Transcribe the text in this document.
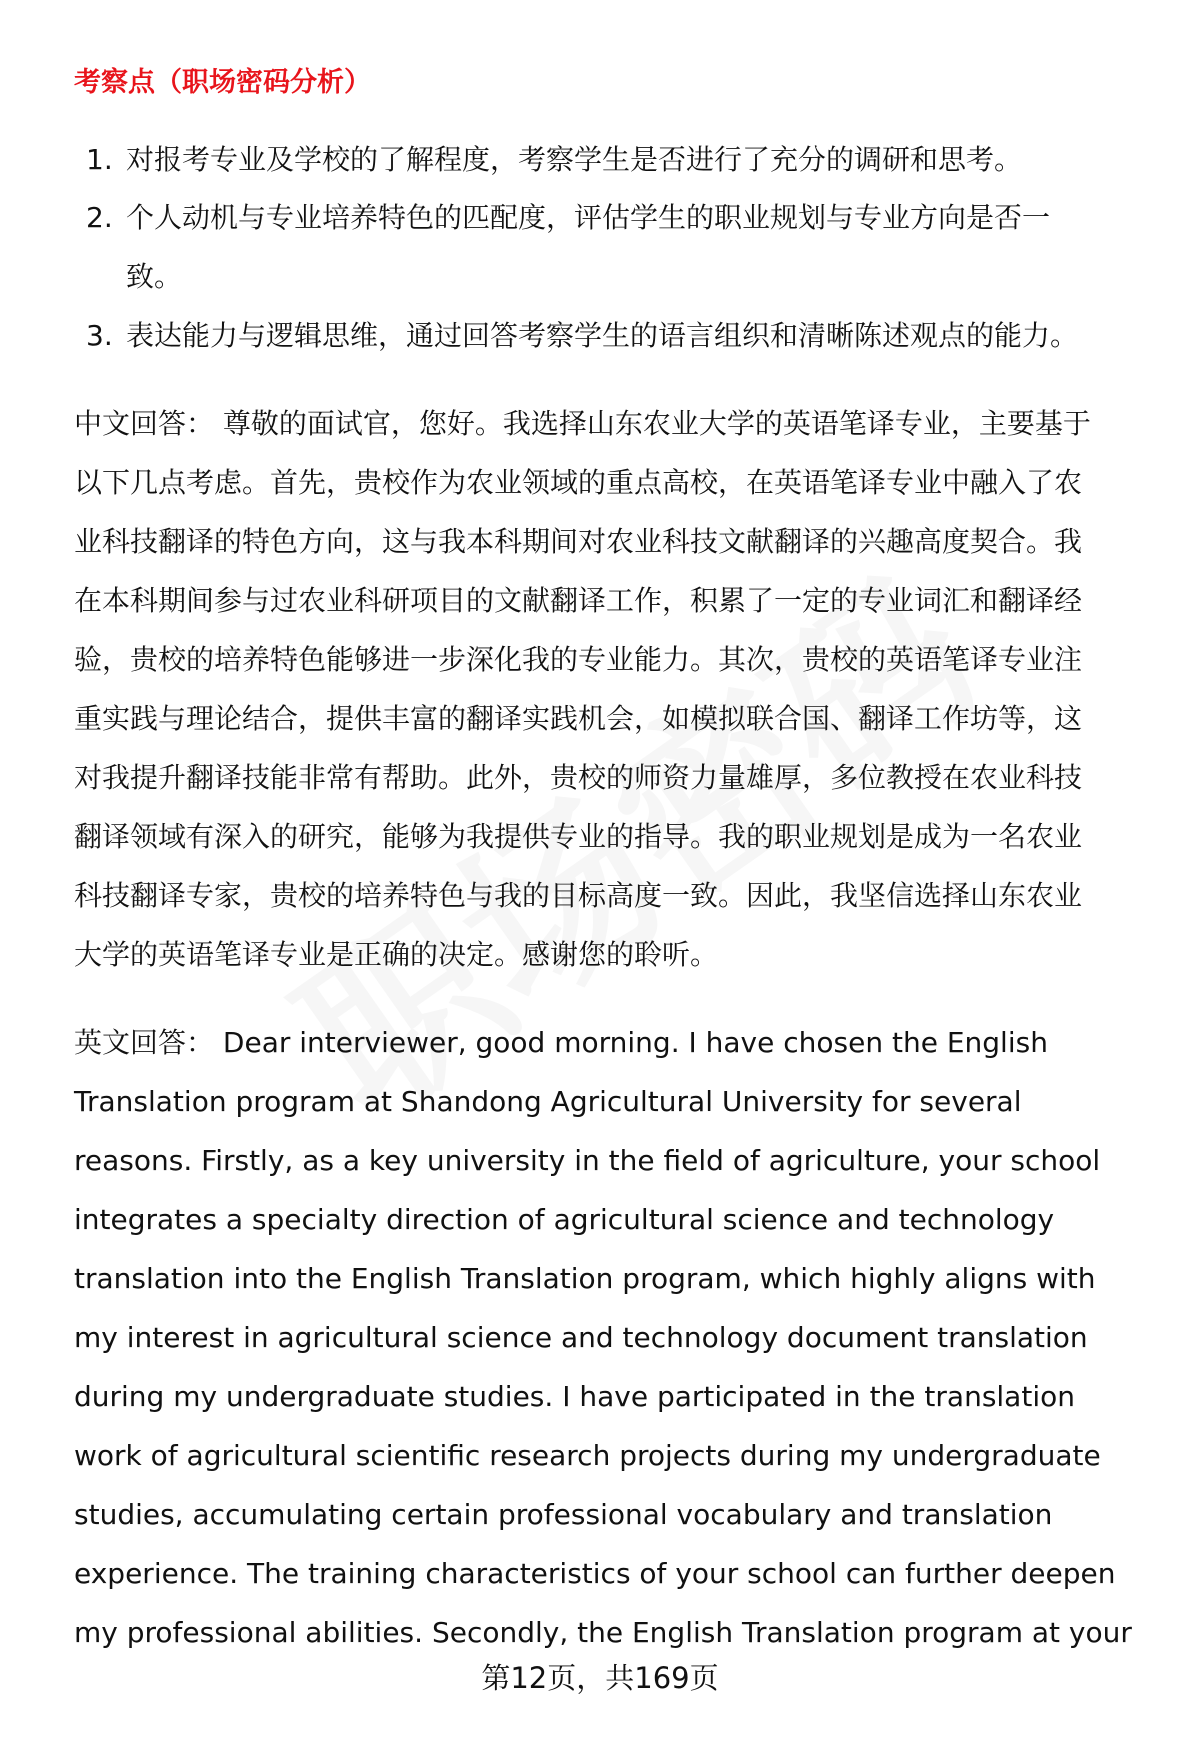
考察点（职场密码分析）
1. 对报考专业及学校的了解程度，考察学生是否进行了充分的调研和思考。
2. 个人动机与专业培养特色的匹配度，评估学生的职业规划与专业方向是否一
致。
3. 表达能力与逻辑思维，通过回答考察学生的语言组织和清晰陈述观点的能力。
中文回答： 尊敬的面试官，您好。我选择山东农业大学的英语笔译专业，主要基于
以下几点考虑。首先，贵校作为农业领域的重点高校，在英语笔译专业中融入了农
业科技翻译的特色方向，这与我本科期间对农业科技文献翻译的兴趣高度契合。我
在本科期间参与过农业科研项目的文献翻译工作，积累了一定的专业词汇和翻译经
验，贵校的培养特色能够进一步深化我的专业能力。其次，贵校的英语笔译专业注
重实践与理论结合，提供丰富的翻译实践机会，如模拟联合国、翻译工作坊等，这
对我提升翻译技能非常有帮助。此外，贵校的师资力量雄厚，多位教授在农业科技
翻译领域有深入的研究，能够为我提供专业的指导。我的职业规划是成为一名农业
科技翻译专家，贵校的培养特色与我的目标高度一致。因此，我坚信选择山东农业
大学的英语笔译专业是正确的决定。感谢您的聆听。
英文回答： Dear interviewer, good morning. I have chosen the English
Translation program at Shandong Agricultural University for several
reasons. Firstly, as a key university in the field of agriculture, your school
integrates a specialty direction of agricultural science and technology
translation into the English Translation program, which highly aligns with
my interest in agricultural science and technology document translation
during my undergraduate studies. I have participated in the translation
work of agricultural scientific research projects during my undergraduate
studies, accumulating certain professional vocabulary and translation
experience. The training characteristics of your school can further deepen
my professional abilities. Secondly, the English Translation program at your
第12页，共169页
